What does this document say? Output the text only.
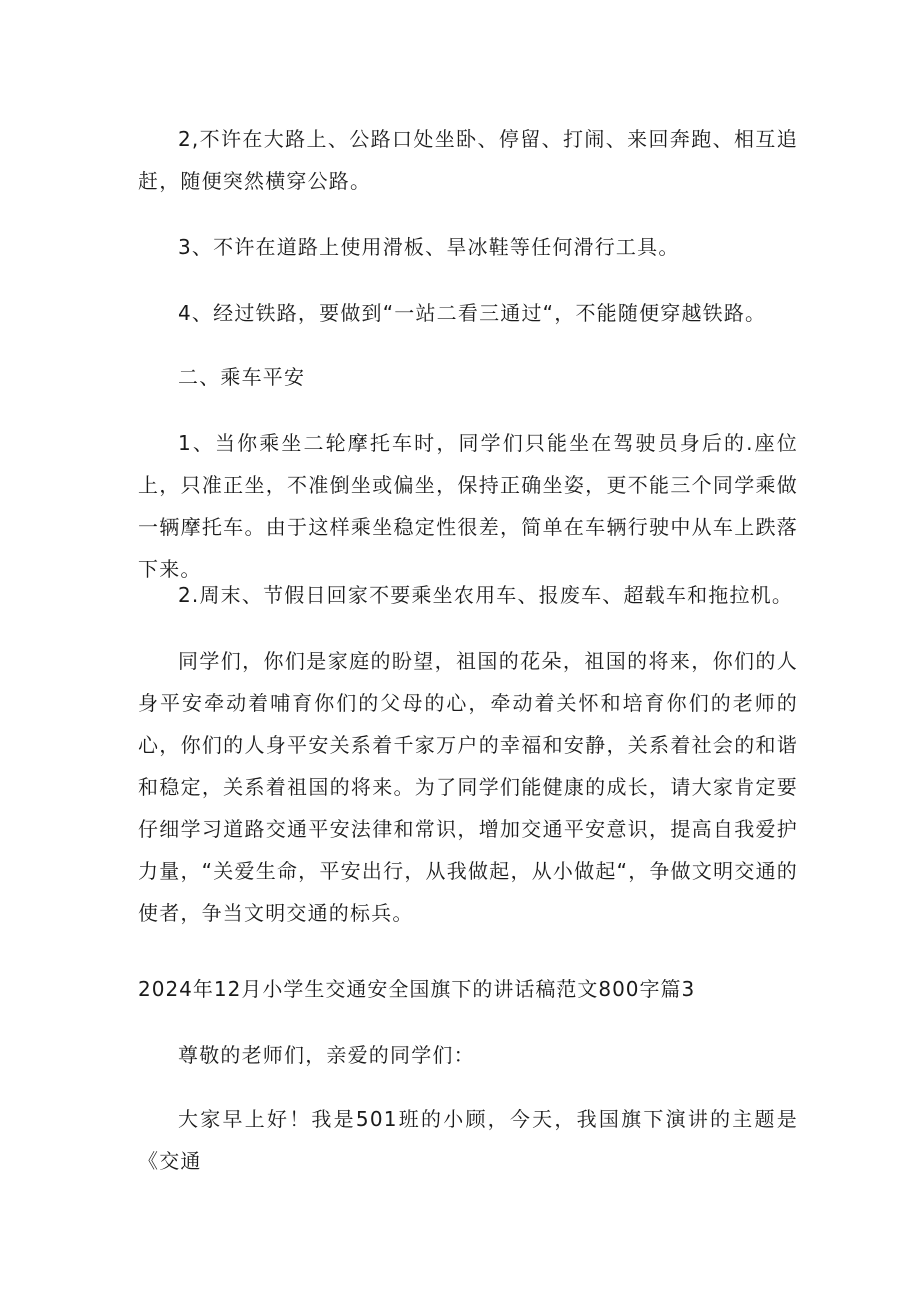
2,不许在大路上、公路口处坐卧、停留、打闹、来回奔跑、相互追赶，随便突然横穿公路。

3、不许在道路上使用滑板、旱冰鞋等任何滑行工具。

4、经过铁路，要做到“一站二看三通过“，不能随便穿越铁路。

二、乘车平安

1、当你乘坐二轮摩托车时，同学们只能坐在驾驶员身后的.座位上，只准正坐，不准倒坐或偏坐，保持正确坐姿，更不能三个同学乘做一辆摩托车。由于这样乘坐稳定性很差，简单在车辆行驶中从车上跌落下来。

2.周末、节假日回家不要乘坐农用车、报废车、超载车和拖拉机。

同学们，你们是家庭的盼望，祖国的花朵，祖国的将来，你们的人身平安牵动着哺育你们的父母的心，牵动着关怀和培育你们的老师的心，你们的人身平安关系着千家万户的幸福和安静，关系着社会的和谐和稳定，关系着祖国的将来。为了同学们能健康的成长，请大家肯定要仔细学习道路交通平安法律和常识，增加交通平安意识，提高自我爱护力量，“关爱生命，平安出行，从我做起，从小做起“，争做文明交通的使者，争当文明交通的标兵。

2024年12月小学生交通安全国旗下的讲话稿范文800字篇3

尊敬的老师们，亲爱的同学们：

大家早上好！我是501班的小顾，今天，我国旗下演讲的主题是《交通
